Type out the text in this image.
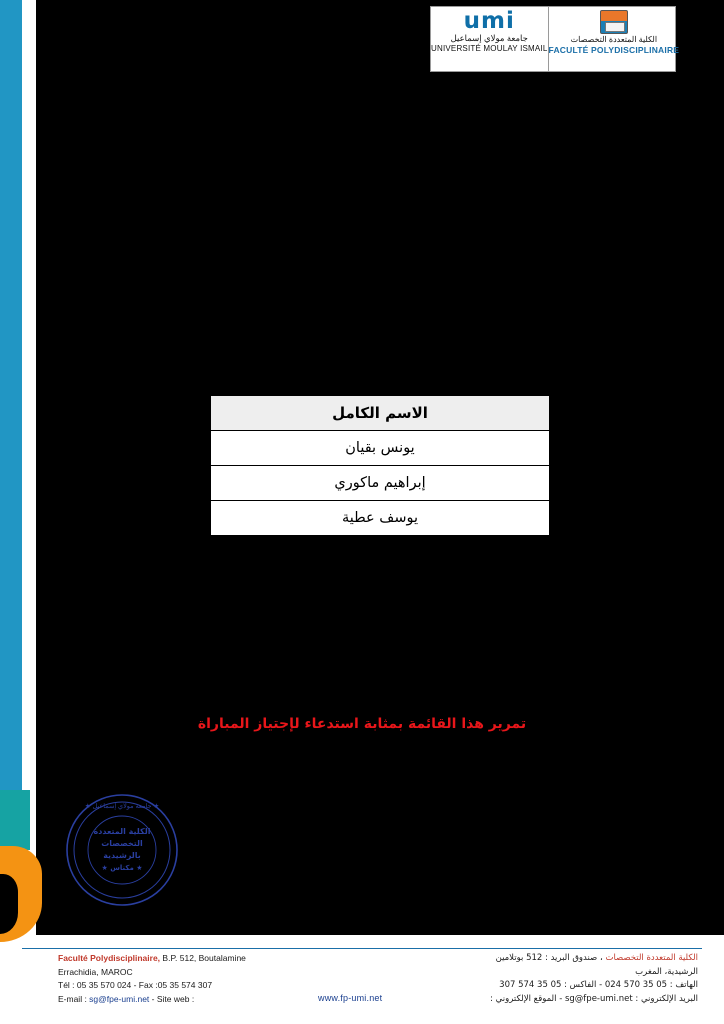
umi
جامعة مولاي إسماعيل
UNIVERSITÉ MOULAY ISMAIL
الكلية المتعددة التخصصات
FACULTÉ POLYDISCIPLINAIRE
الاسم الكامل
يونس بقيان
إبراهيم ماكوري
يوسف عطية
تمرير هذا القائمة بمثابة استدعاء لإجتياز المباراة
★ جامعة مولاي إسماعيل ★
الكلية المتعددة
التخصصات
بالرشيدية
★ مكناس ★
Faculté Polydisciplinaire, B.P. 512, Boutalamine
Errachidia, MAROC
Tél : 05 35 570 024 - Fax :05 35 574 307
E-mail : sg@fpe-umi.net - Site web :	www.fp-umi.net
الكلية المتعددة التخصصات ، صندوق البريد : 512 بوتلامين
الرشيدية، المغرب
الهاتف : 05 35 570 024 - الفاكس : 05 35 574 307
البريد الإلكتروني : sg@fpe-umi.net - الموقع الإلكتروني :
